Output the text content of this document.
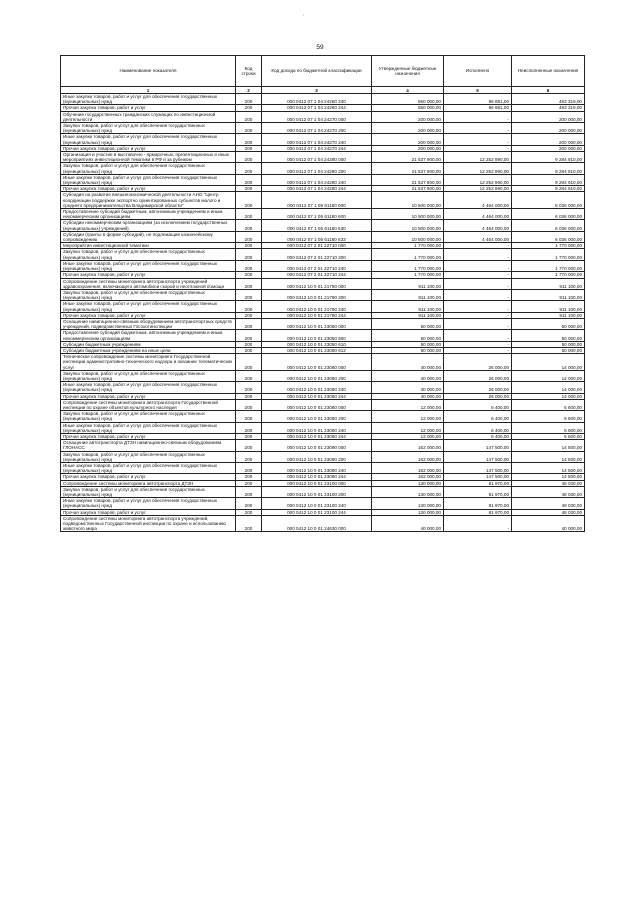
´ ¸
59
Наименование показателя	Код строки	Код дохода по бюджетной классификации	Утвержденные бюджетные назначения	Исполнено	Неисполненные назначения
1	2	3	4	5	6
Иные закупки товаров, работ и услуг для обеспечения государственных (муниципальных) нужд	200	000 0412 07 1 04 24260 240	550 000,00	86 681,00	463 319,00
Прочая закупка товаров, работ и услуг	200	000 0412 07 1 04 24260 244	550 000,00	86 681,00	463 319,00
Обучение государственных гражданских служащих по инвестиционной деятельности	200	000 0412 07 1 04 24270 000	200 000,00	-	200 000,00
Закупка товаров, работ и услуг для обеспечения государственных (муниципальных) нужд	200	000 0412 07 1 04 24270 200	200 000,00	-	200 000,00
Иные закупки товаров, работ и услуг для обеспечения государственных (муниципальных) нужд	200	000 0412 07 1 04 24270 240	200 000,00	-	200 000,00
Прочая закупка товаров, работ и услуг	200	000 0412 07 1 04 24270 244	200 000,00	-	200 000,00
Организация и участие в выставочно - ярмарочных, презентационных и иных мероприятиях инвестиционной тематики в РФ и за рубежом	200	000 0412 07 1 04 24280 000	21 537 900,00	12 252 990,00	9 284 910,00
Закупка товаров, работ и услуг для обеспечения государственных (муниципальных) нужд	200	000 0412 07 1 04 24280 200	21 537 900,00	12 252 990,00	9 284 910,00
Иные закупки товаров, работ и услуг для обеспечения государственных (муниципальных) нужд	200	000 0412 07 1 04 24280 240	21 537 900,00	12 252 990,00	9 284 910,00
Прочая закупка товаров, работ и услуг	200	000 0412 07 1 04 24280 244	21 537 900,00	12 252 990,00	9 284 910,00
Субсидия на развитие внешнеэкономической деятельности АНО "Центр координации поддержки экспортно ориентированных субъектов малого и среднего предпринимательства Владимирской области"	200	000 0412 07 1 05 61180 000	10 500 000,00	4 464 000,00	6 036 000,00
Предоставление субсидий бюджетным, автономным учреждениям и иным некоммерческим организациям	200	000 0412 07 1 05 61180 600	10 500 000,00	4 464 000,00	6 036 000,00
Субсидии некоммерческим организациям (за исключением государственных (муниципальных) учреждений)	200	000 0412 07 1 05 61180 630	10 500 000,00	4 464 000,00	6 036 000,00
Субсидии (гранты в форме субсидий), не подлежащие казначейскому сопровождению	200	000 0412 07 1 05 61180 633	10 500 000,00	4 464 000,00	6 036 000,00
Мероприятия инвестиционной тематики	200	000 0412 07 2 01 22710 000	1 770 000,00	-	1 770 000,00
Закупка товаров, работ и услуг для обеспечения государственных (муниципальных) нужд	200	000 0412 07 2 01 22710 200	1 770 000,00	-	1 770 000,00
Иные закупки товаров, работ и услуг для обеспечения государственных (муниципальных) нужд	200	000 0412 07 2 01 22710 240	1 770 000,00	-	1 770 000,00
Прочая закупка товаров, работ и услуг	200	000 0412 07 2 01 22710 244	1 770 000,00	-	1 770 000,00
Сопровождение системы мониторинга автотранспорта учреждений здравоохранения, включающего автомобили скорой и неотложной помощи	200	000 0412 10 0 01 21790 000	911 100,00	-	911 100,00
Закупка товаров, работ и услуг для обеспечения государственных (муниципальных) нужд	200	000 0412 10 0 01 21790 200	911 100,00	-	911 100,00
Иные закупки товаров, работ и услуг для обеспечения государственных (муниципальных) нужд	200	000 0412 10 0 01 21790 240	911 100,00	-	911 100,00
Прочая закупка товаров, работ и услуг	200	000 0412 10 0 01 21790 244	911 100,00	-	911 100,00
Оснащение навигационно-связным оборудованием автотранспортных средств учреждений, подведомственных Госохотинспекции	200	000 0412 10 0 01 23050 000	50 000,00	-	50 000,00
Предоставление субсидий бюджетным, автономным учреждениям и иным некоммерческим организациям	200	000 0412 10 0 01 23050 600	50 000,00	-	50 000,00
Субсидии бюджетным учреждениям	200	000 0412 10 0 01 23050 610	50 000,00	-	50 000,00
Субсидии бюджетным учреждениям на иные цели	200	000 0412 10 0 01 23050 612	50 000,00	-	50 000,00
Техническое сопровождение системы мониторинга Государственной инспекции административно-технического надзора и оказание телематических услуг	200	000 0412 10 0 01 23060 000	40 000,00	26 000,00	14 000,00
Закупка товаров, работ и услуг для обеспечения государственных (муниципальных) нужд	200	000 0412 10 0 01 23060 200	40 000,00	26 000,00	14 000,00
Иные закупки товаров, работ и услуг для обеспечения государственных (муниципальных) нужд	200	000 0412 10 0 01 23060 240	40 000,00	26 000,00	14 000,00
Прочая закупка товаров, работ и услуг	200	000 0412 10 0 01 23060 244	40 000,00	26 000,00	14 000,00
Сопровождение системы мониторинга автотранспорта Государственной инспекции по охране объектов культурного наследия	200	000 0412 10 0 01 23080 000	12 000,00	6 400,00	5 600,00
Закупка товаров, работ и услуг для обеспечения государственных (муниципальных) нужд	200	000 0412 10 0 01 23080 200	12 000,00	6 400,00	5 600,00
Иные закупки товаров, работ и услуг для обеспечения государственных (муниципальных) нужд	200	000 0412 10 0 01 23080 240	12 000,00	6 400,00	5 600,00
Прочая закупка товаров, работ и услуг	200	000 0412 10 0 01 23080 244	12 000,00	6 400,00	5 600,00
Оснащение автотранспорта ДТЗН навигационно-связным оборудованием ГЛОНАСС	200	000 0412 10 0 01 23090 000	162 000,00	147 500,00	14 500,00
Закупка товаров, работ и услуг для обеспечения государственных (муниципальных) нужд	200	000 0412 10 0 01 23090 200	162 000,00	147 500,00	14 500,00
Иные закупки товаров, работ и услуг для обеспечения государственных (муниципальных) нужд	200	000 0412 10 0 01 23090 240	162 000,00	147 500,00	14 500,00
Прочая закупка товаров, работ и услуг	200	000 0412 10 0 01 23090 244	162 000,00	147 500,00	14 500,00
Сопровождение системы мониторинга автотранспорта ДТЗН	200	000 0412 10 0 01 23100 000	130 000,00	81 970,00	48 030,00
Закупка товаров, работ и услуг для обеспечения государственных (муниципальных) нужд	200	000 0412 10 0 01 23100 200	130 000,00	81 970,00	48 030,00
Иные закупки товаров, работ и услуг для обеспечения государственных (муниципальных) нужд	200	000 0412 10 0 01 23100 240	130 000,00	81 970,00	48 030,00
Прочая закупка товаров, работ и услуг	200	000 0412 10 0 01 23100 244	130 000,00	81 970,00	48 030,00
Сопровождение системы мониторинга автотранспорта учреждений, подведомственных Государственной инспекции по охране и использованию животного мира	200	000 0412 10 0 01 24630 000	40 000,00	-	40 000,00
